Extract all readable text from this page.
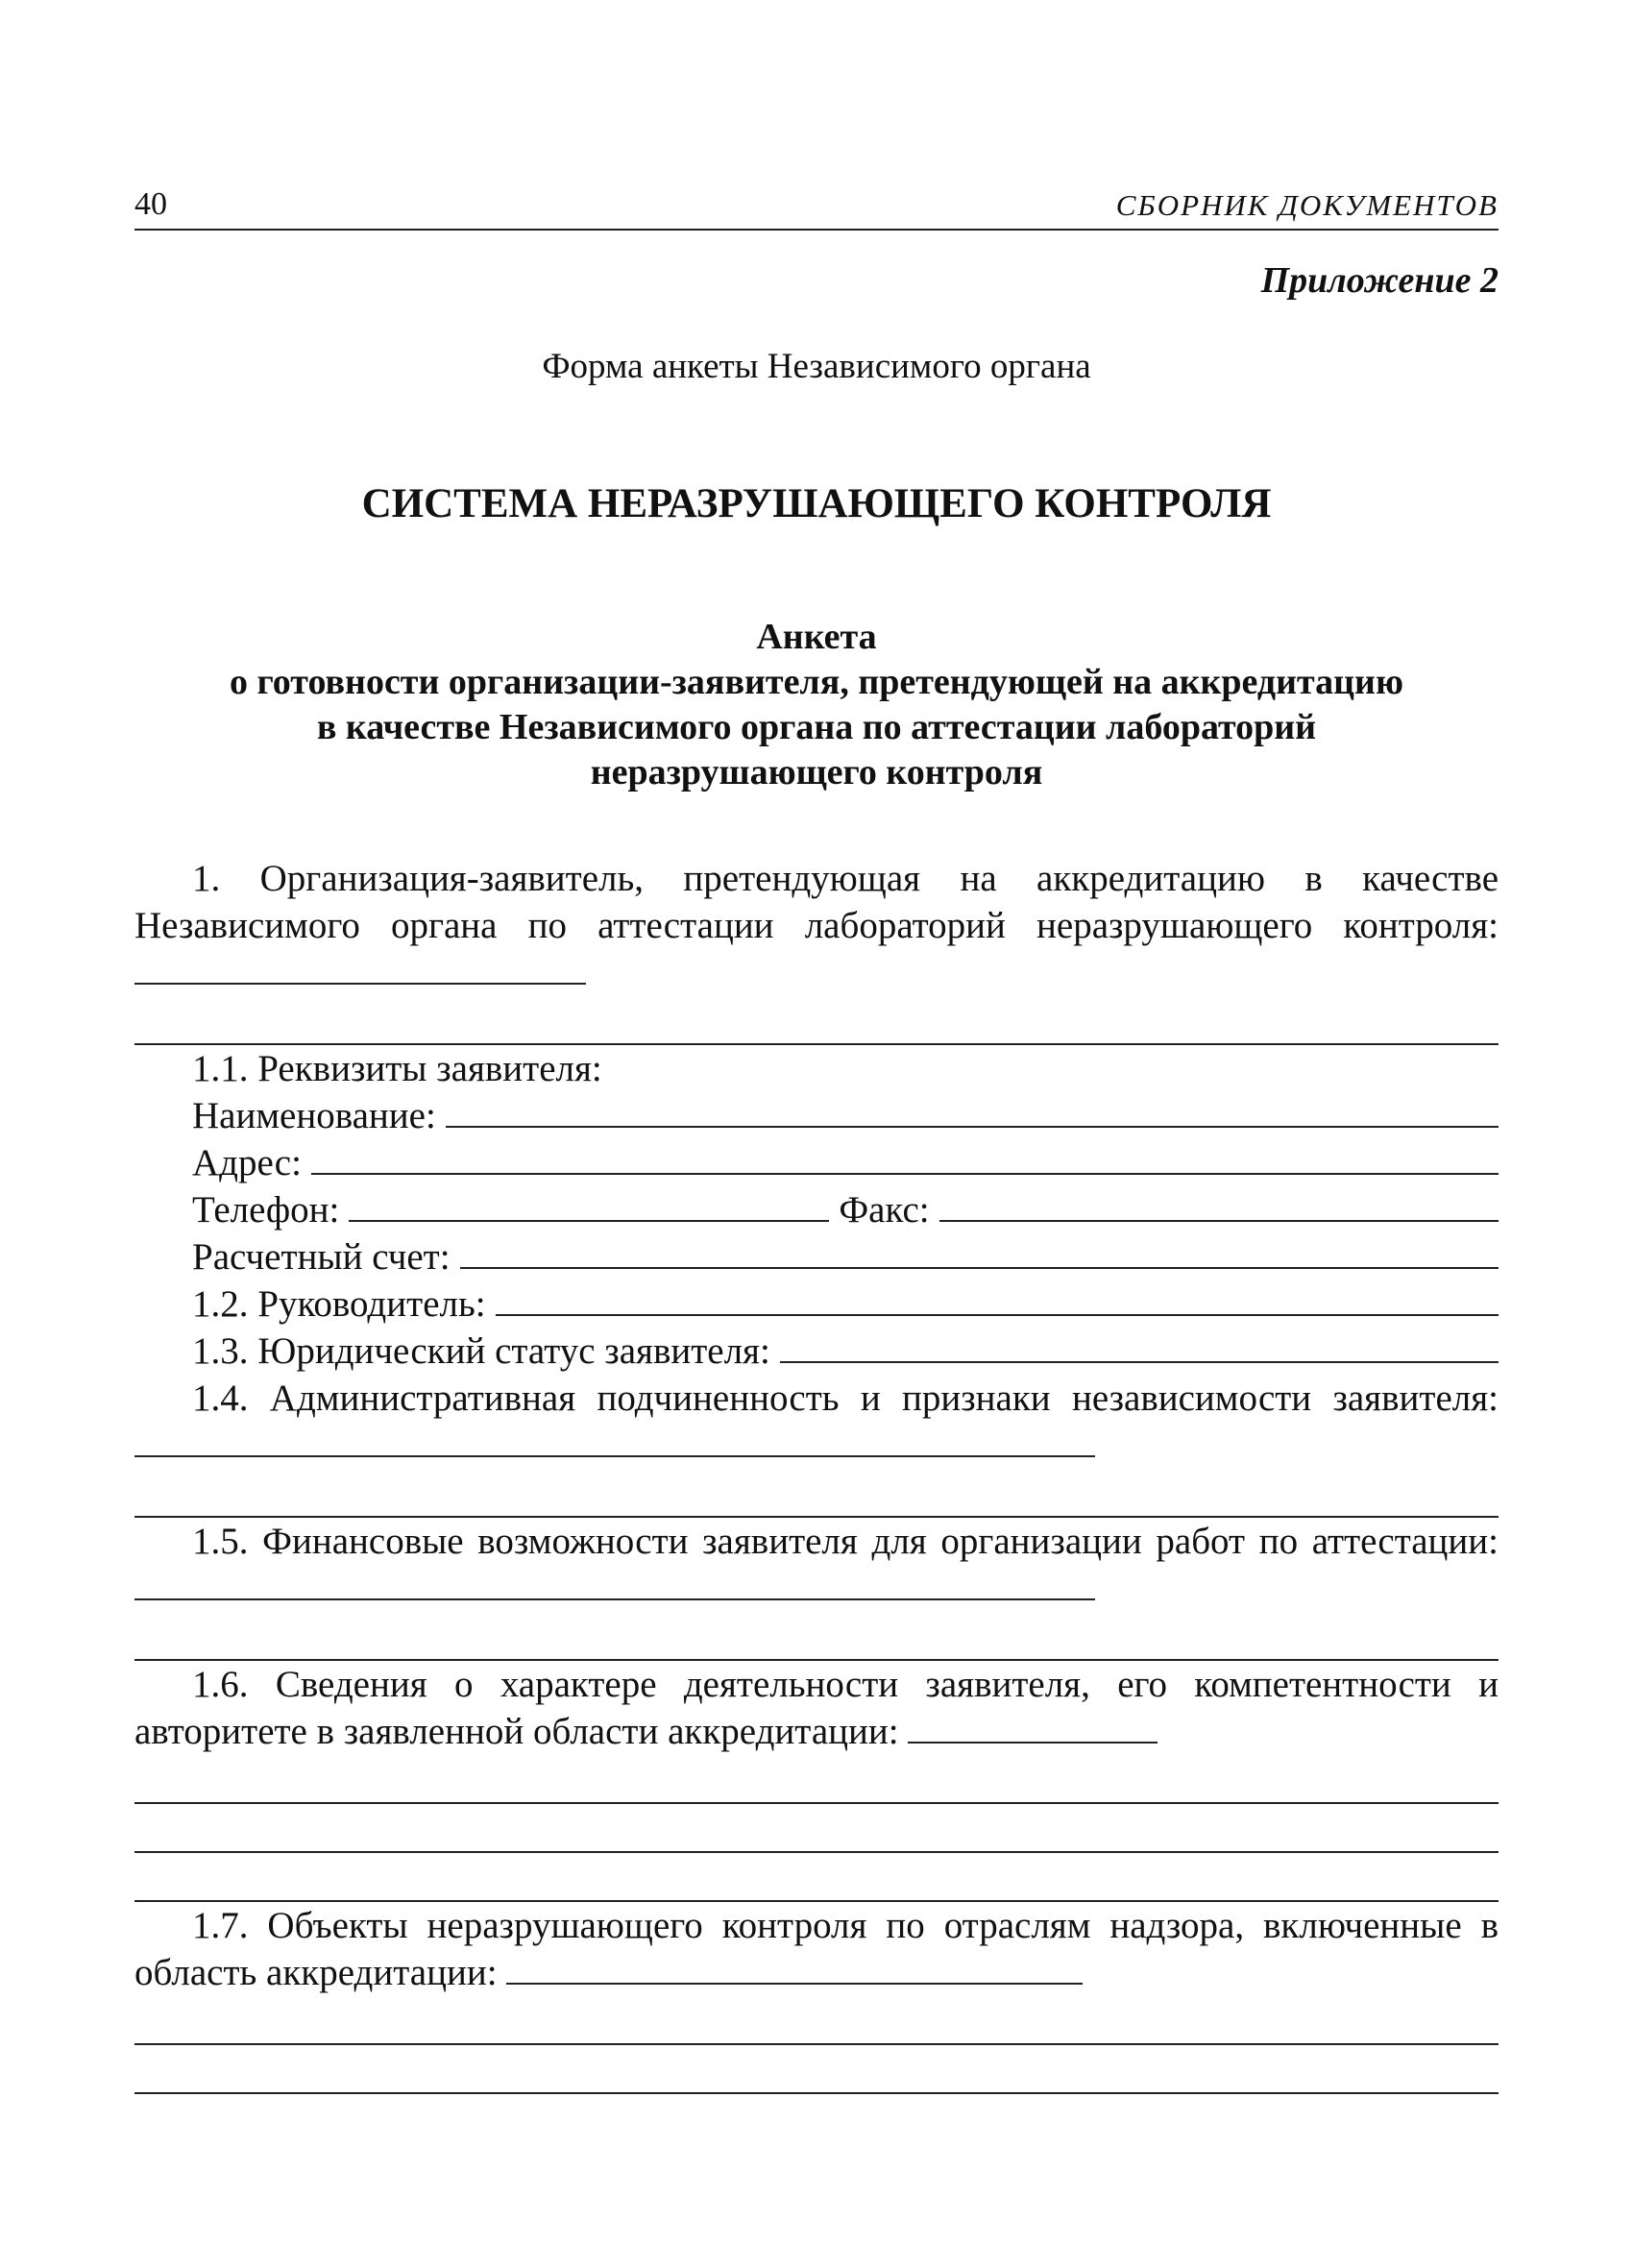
40	СБОРНИК ДОКУМЕНТОВ
Приложение 2
Форма анкеты Независимого органа
СИСТЕМА НЕРАЗРУШАЮЩЕГО КОНТРОЛЯ
Анкета
о готовности организации-заявителя, претендующей на аккредитацию
в качестве Независимого органа по аттестации лабораторий
неразрушающего контроля

1. Организация-заявитель, претендующая на аккредитацию в качестве Независимого органа по аттестации лабораторий неразрушающего контроля:

1.1. Реквизиты заявителя:
Наименование:
Адрес:
Телефон:	Факс:
Расчетный счет:
1.2. Руководитель:
1.3. Юридический статус заявителя:

1.4. Административная подчиненность и признаки независимости заявителя:

1.5. Финансовые возможности заявителя для организации работ по аттестации:

1.6. Сведения о характере деятельности заявителя, его компетентности и авторитете в заявленной области аккредитации:

1.7. Объекты неразрушающего контроля по отраслям надзора, включенные в область аккредитации:
